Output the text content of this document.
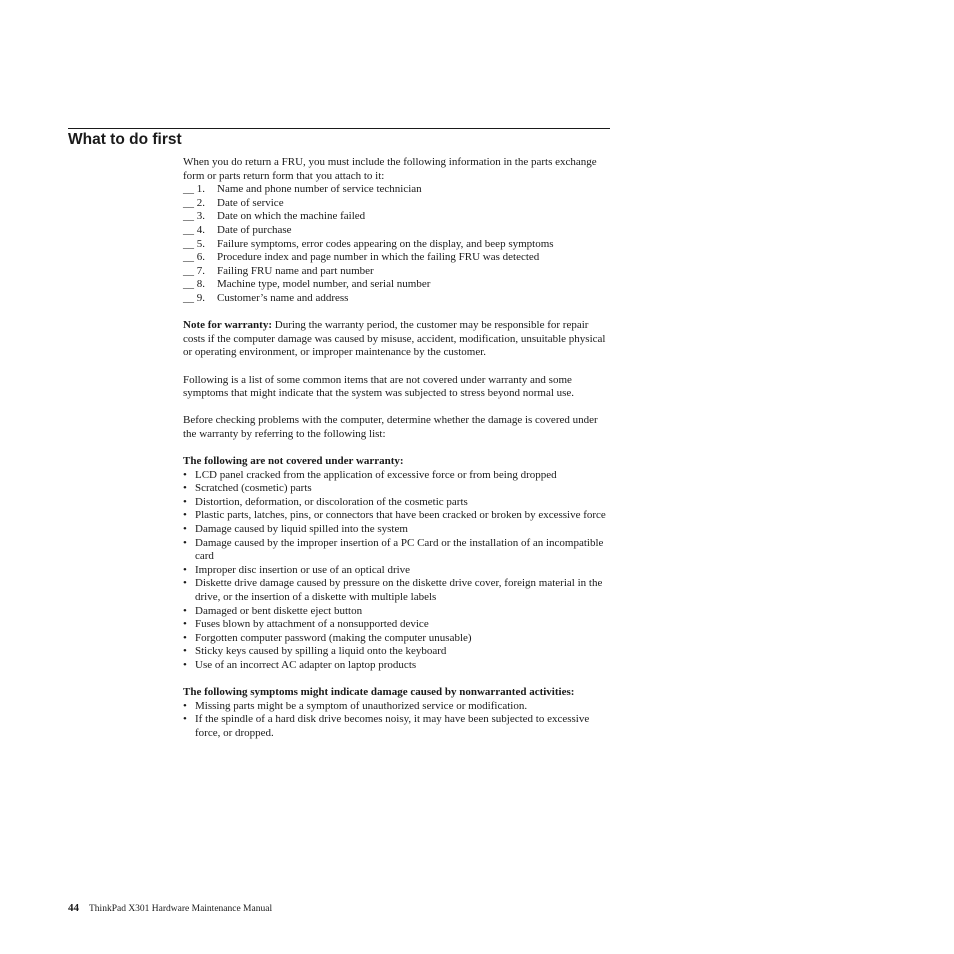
What to do first

When you do return a FRU, you must include the following information in the parts exchange form or parts return form that you attach to it:

__ 1.	Name and phone number of service technician
__ 2.	Date of service
__ 3.	Date on which the machine failed
__ 4.	Date of purchase
__ 5.	Failure symptoms, error codes appearing on the display, and beep symptoms
__ 6.	Procedure index and page number in which the failing FRU was detected
__ 7.	Failing FRU name and part number
__ 8.	Machine type, model number, and serial number
__ 9.	Customer’s name and address

Note for warranty: During the warranty period, the customer may be responsible for repair costs if the computer damage was caused by misuse, accident, modification, unsuitable physical or operating environment, or improper maintenance by the customer.

Following is a list of some common items that are not covered under warranty and some symptoms that might indicate that the system was subjected to stress beyond normal use.

Before checking problems with the computer, determine whether the damage is covered under the warranty by referring to the following list:

The following are not covered under warranty:

• LCD panel cracked from the application of excessive force or from being dropped
• Scratched (cosmetic) parts
• Distortion, deformation, or discoloration of the cosmetic parts
• Plastic parts, latches, pins, or connectors that have been cracked or broken by excessive force
• Damage caused by liquid spilled into the system
• Damage caused by the improper insertion of a PC Card or the installation of an incompatible card
• Improper disc insertion or use of an optical drive
• Diskette drive damage caused by pressure on the diskette drive cover, foreign material in the drive, or the insertion of a diskette with multiple labels
• Damaged or bent diskette eject button
• Fuses blown by attachment of a nonsupported device
• Forgotten computer password (making the computer unusable)
• Sticky keys caused by spilling a liquid onto the keyboard
• Use of an incorrect AC adapter on laptop products

The following symptoms might indicate damage caused by nonwarranted activities:

• Missing parts might be a symptom of unauthorized service or modification.
• If the spindle of a hard disk drive becomes noisy, it may have been subjected to excessive force, or dropped.
44 ThinkPad X301 Hardware Maintenance Manual
